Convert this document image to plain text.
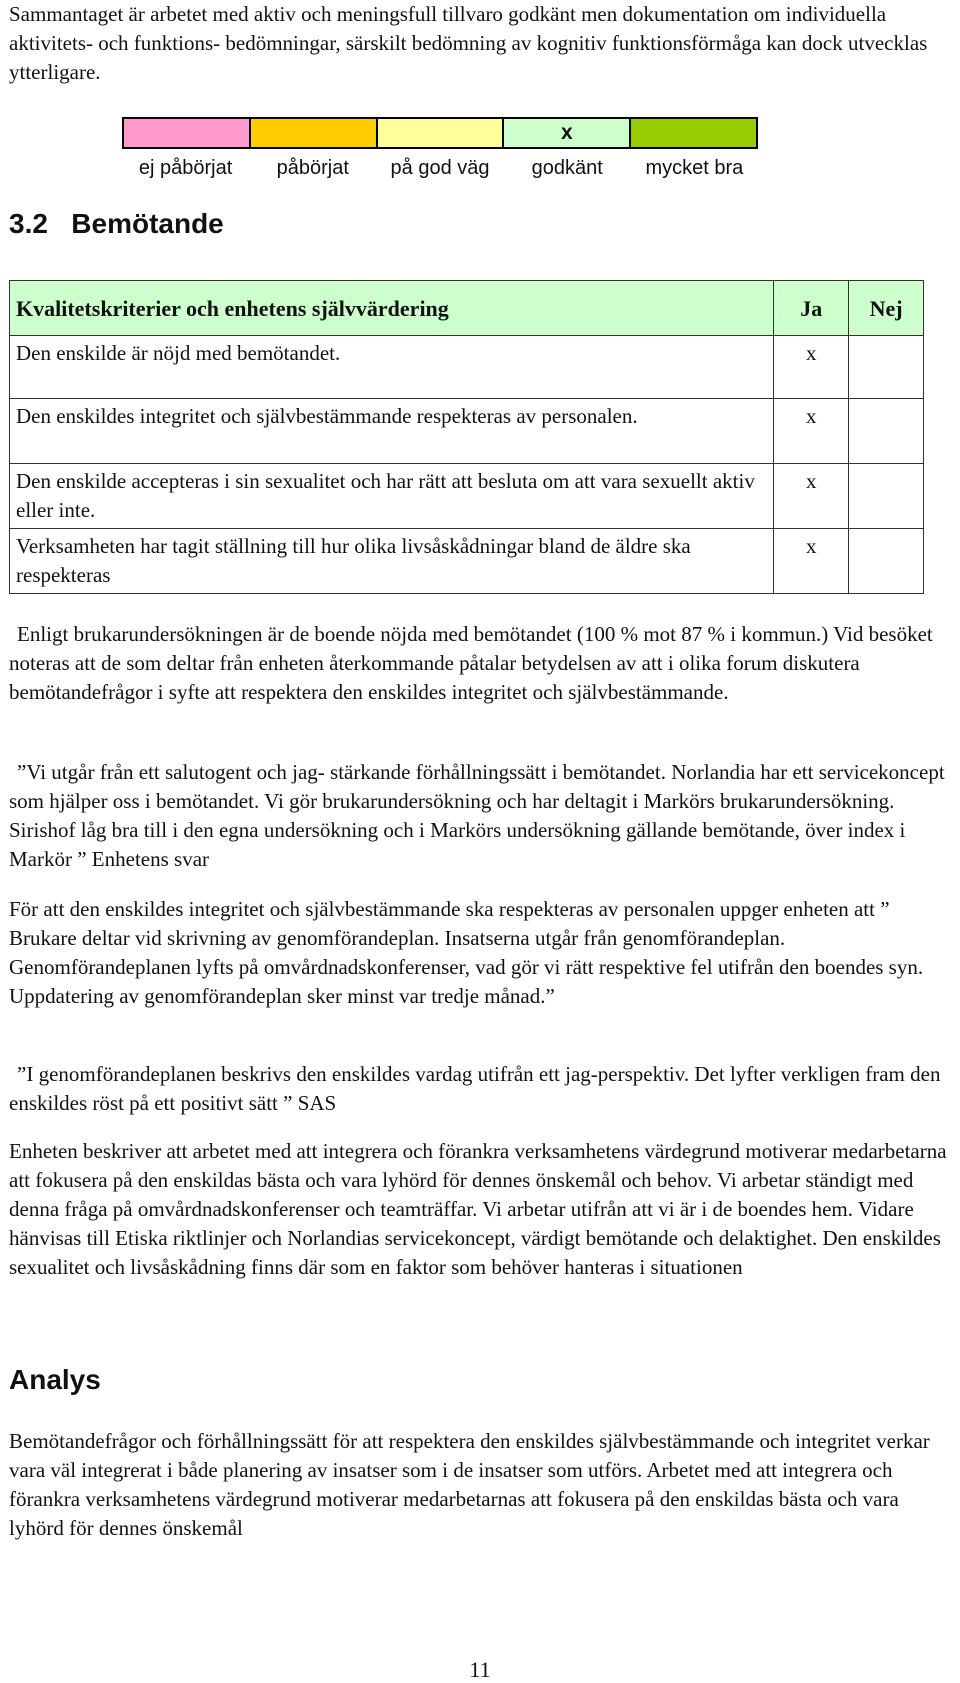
Sammantaget är arbetet med aktiv och meningsfull tillvaro godkänt men dokumentation om individuella aktivitets- och funktions- bedömningar, särskilt bedömning av kognitiv funktionsförmåga kan dock utvecklas ytterligare.
x
ej påbörjat	påbörjat	på god väg	godkänt	mycket bra
3.2 Bemötande
Kvalitetskriterier och enhetens självvärdering	Ja	Nej
Den enskilde är nöjd med bemötandet.	x	
Den enskildes integritet och självbestämmande respekteras av personalen.	x	
Den enskilde accepteras i sin sexualitet och har rätt att besluta om att vara sexuellt aktiv eller inte.	x	
Verksamheten har tagit ställning till hur olika livsåskådningar bland de äldre ska respekteras	x	
Enligt brukarundersökningen är de boende nöjda med bemötandet (100 % mot 87 % i kommun.) Vid besöket noteras att de som deltar från enheten återkommande påtalar betydelsen av att i olika forum diskutera bemötandefrågor i syfte att respektera den enskildes integritet och självbestämmande.
”Vi utgår från ett salutogent och jag- stärkande förhållningssätt i bemötandet. Norlandia har ett servicekoncept som hjälper oss i bemötandet. Vi gör brukarundersökning och har deltagit i Markörs brukarundersökning. Sirishof låg bra till i den egna undersökning och i Markörs undersökning gällande bemötande, över index i Markör ” Enhetens svar
För att den enskildes integritet och självbestämmande ska respekteras av personalen uppger enheten att ” Brukare deltar vid skrivning av genomförandeplan. Insatserna utgår från genomförandeplan. Genomförandeplanen lyfts på omvårdnadskonferenser, vad gör vi rätt respektive fel utifrån den boendes syn. Uppdatering av genomförandeplan sker minst var tredje månad.”
”I genomförandeplanen beskrivs den enskildes vardag utifrån ett jag-perspektiv. Det lyfter verkligen fram den enskildes röst på ett positivt sätt ” SAS
Enheten beskriver att arbetet med att integrera och förankra verksamhetens värdegrund motiverar medarbetarna att fokusera på den enskildas bästa och vara lyhörd för dennes önskemål och behov. Vi arbetar ständigt med denna fråga på omvårdnadskonferenser och teamträffar. Vi arbetar utifrån att vi är i de boendes hem. Vidare hänvisas till Etiska riktlinjer och Norlandias servicekoncept, värdigt bemötande och delaktighet. Den enskildes sexualitet och livsåskådning finns där som en faktor som behöver hanteras i situationen
Analys
Bemötandefrågor och förhållningssätt för att respektera den enskildes självbestämmande och integritet verkar vara väl integrerat i både planering av insatser som i de insatser som utförs. Arbetet med att integrera och förankra verksamhetens värdegrund motiverar medarbetarnas att fokusera på den enskildas bästa och vara lyhörd för dennes önskemål
11
